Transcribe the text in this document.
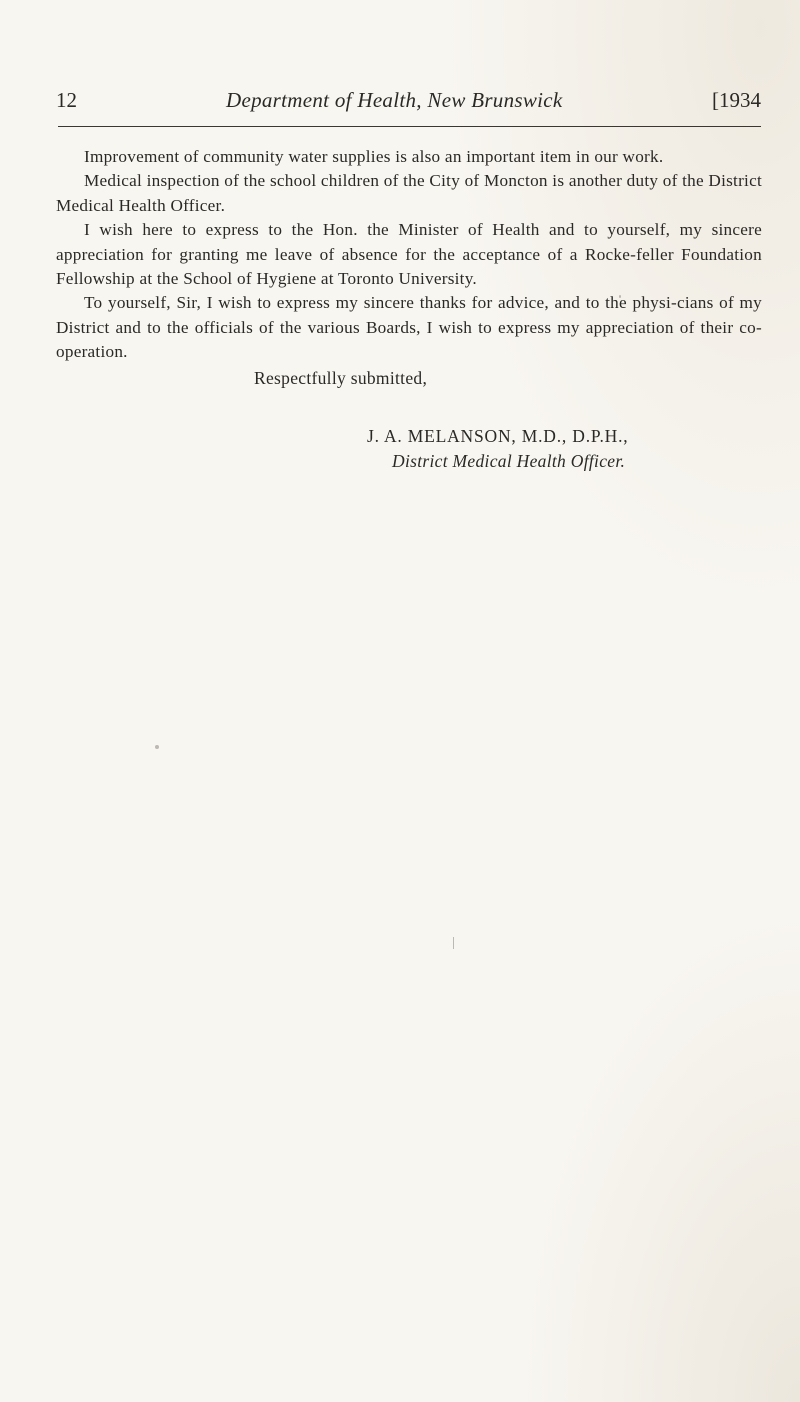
12	Department of Health, New Brunswick	[1934

Improvement of community water supplies is also an important item in our work.

Medical inspection of the school children of the City of Moncton is another duty of the District Medical Health Officer.

I wish here to express to the Hon. the Minister of Health and to yourself, my sincere appreciation for granting me leave of absence for the acceptance of a Rocke-feller Foundation Fellowship at the School of Hygiene at Toronto University.

To yourself, Sir, I wish to express my sincere thanks for advice, and to the physi-cians of my District and to the officials of the various Boards, I wish to express my appreciation of their co-operation.

Respectfully submitted,
J. A. MELANSON, M.D., D.P.H.,
District Medical Health Officer.
